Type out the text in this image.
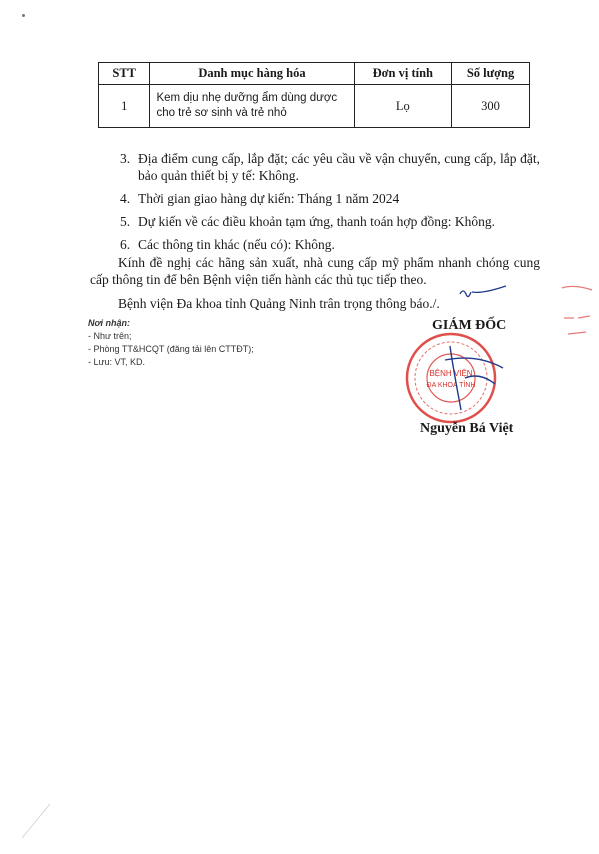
STT	Danh mục hàng hóa	Đơn vị tính	Số lượng
1	Kem dịu nhẹ dưỡng ẩm dùng dược cho trẻ sơ sinh và trẻ nhỏ	Lọ	300
3. Địa điểm cung cấp, lắp đặt; các yêu cầu về vận chuyển, cung cấp, lắp đặt, bảo quản thiết bị y tế: Không.
4. Thời gian giao hàng dự kiến: Tháng 1 năm 2024
5. Dự kiến về các điều khoản tạm ứng, thanh toán hợp đồng: Không.
6. Các thông tin khác (nếu có): Không.
Kính đề nghị các hãng sản xuất, nhà cung cấp mỹ phẩm nhanh chóng cung cấp thông tin để bên Bệnh viện tiến hành các thủ tục tiếp theo.
Bệnh viện Đa khoa tỉnh Quảng Ninh trân trọng thông báo./.
Nơi nhận:
- Như trên;
- Phòng TT&HCQT (đăng tải lên CTTĐT);
- Lưu: VT, KD.
BỆNH VIỆN
ĐA KHOA TỈNH
GIÁM ĐỐC
Nguyễn Bá Việt
